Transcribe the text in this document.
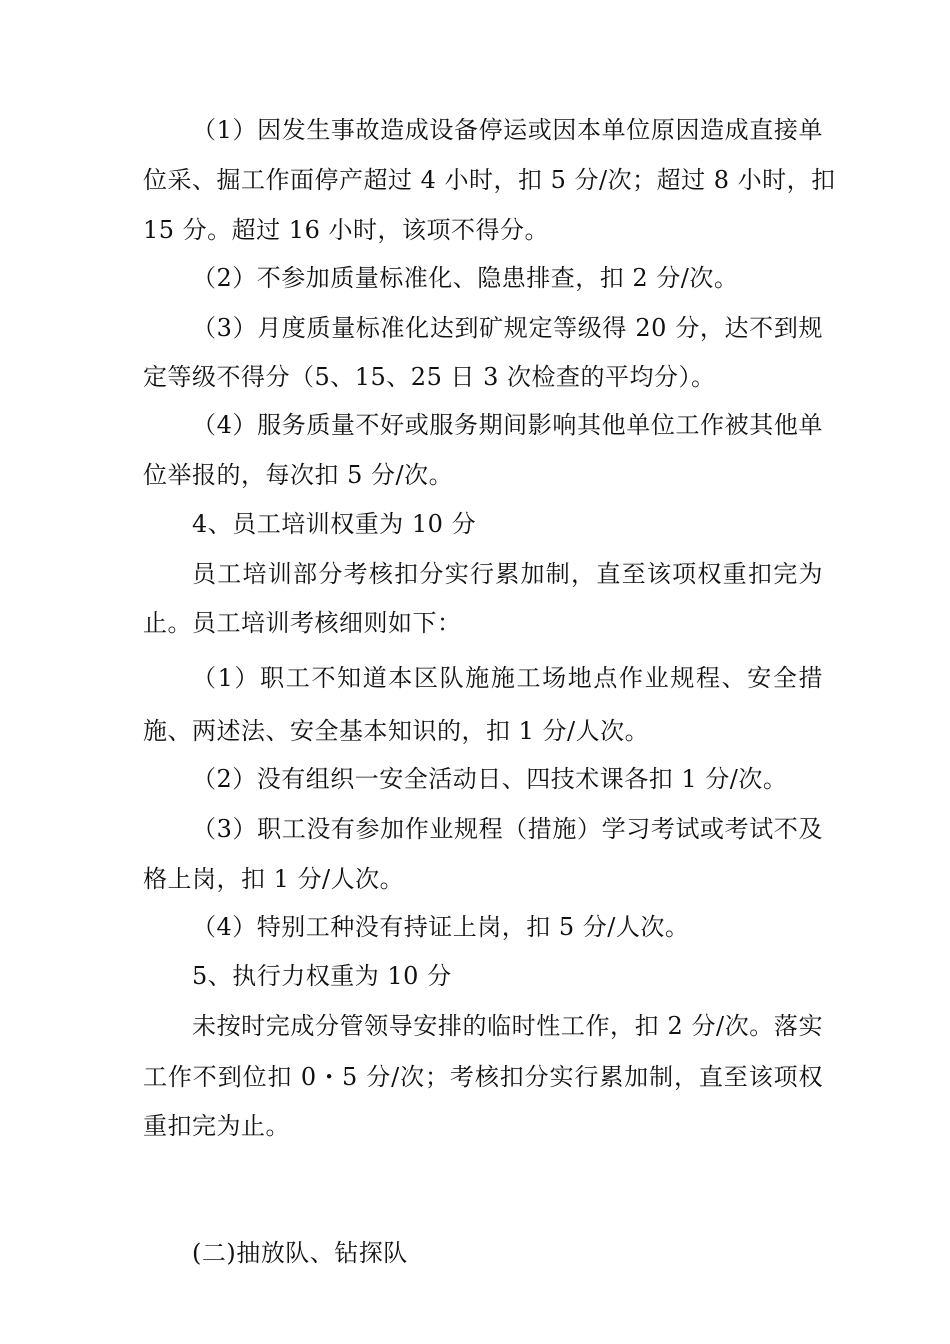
（1）因发生事故造成设备停运或因本单位原因造成直接单
位采、掘工作面停产超过 4 小时，扣 5 分/次；超过 8 小时，扣
15 分。超过 16 小时，该项不得分。
（2）不参加质量标准化、隐患排查，扣 2 分/次。
（3）月度质量标准化达到矿规定等级得 20 分，达不到规
定等级不得分（5、15、25 日 3 次检查的平均分）。
（4）服务质量不好或服务期间影响其他单位工作被其他单
位举报的，每次扣 5 分/次。
4、员工培训权重为 10 分
员工培训部分考核扣分实行累加制，直至该项权重扣完为
止。员工培训考核细则如下：
（1）职工不知道本区队施施工场地点作业规程、安全措
施、两述法、安全基本知识的，扣 1 分/人次。
（2）没有组织一安全活动日、四技术课各扣 1 分/次。
（3）职工没有参加作业规程（措施）学习考试或考试不及
格上岗，扣 1 分/人次。
（4）特别工种没有持证上岗，扣 5 分/人次。
5、执行力权重为 10 分
未按时完成分管领导安排的临时性工作，扣 2 分/次。落实
工作不到位扣 0・5 分/次；考核扣分实行累加制，直至该项权
重扣完为止。
(二)抽放队、钻探队
